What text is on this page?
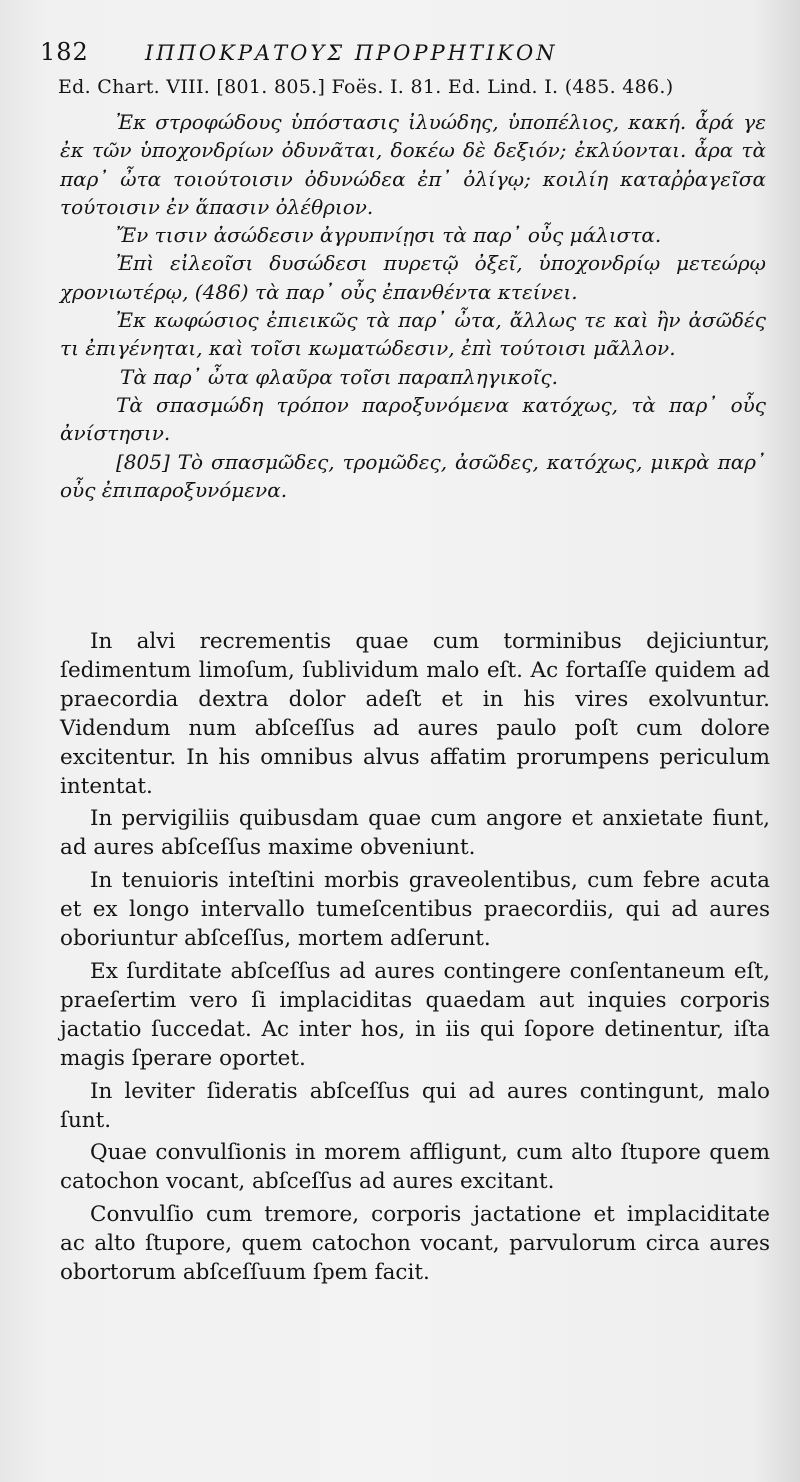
182	ΙΠΠΟΚΡΑΤΟΥΣ ΠΡΟΡΡΗΤΙΚΟΝ
Ed. Chart. VIII. [801. 805.] Foës. I. 81. Ed. Lind. I. (485. 486.)

Ἐκ στροφώδους ὑπόστασις ἰλυώδης, ὑποπέλιος, κακή. ἆρά γε ἐκ τῶν ὑποχονδρίων ὀδυνᾶται, δοκέω δὲ δεξιόν; ἐκλύονται. ἆρα τὰ παρ᾽ ὦτα τοιούτοισιν ὀδυνώδεα ἐπ᾽ ὀλίγῳ; κοιλίη καταῤῥαγεῖσα τούτοισιν ἐν ἅπασιν ὀλέθριον.

Ἔν τισιν ἀσώδεσιν ἀγρυπνίῃσι τὰ παρ᾽ οὖς μάλιστα.

Ἐπὶ εἰλεοῖσι δυσώδεσι πυρετῷ ὀξεῖ, ὑποχονδρίῳ μετεώρῳ χρονιωτέρῳ, (486) τὰ παρ᾽ οὖς ἐπανθέντα κτείνει.

Ἐκ κωφώσιος ἐπιεικῶς τὰ παρ᾽ ὦτα, ἄλλως τε καὶ ἢν ἀσῶδές τι ἐπιγένηται, καὶ τοῖσι κωματώδεσιν, ἐπὶ τούτοισι μᾶλλον.

Τὰ παρ᾽ ὦτα φλαῦρα τοῖσι παραπληγικοῖς.

Τὰ σπασμώδη τρόπον παροξυνόμενα κατόχως, τὰ παρ᾽ οὖς ἀνίστησιν.

[805] Τὸ σπασμῶδες, τρομῶδες, ἀσῶδες, κατόχως, μικρὰ παρ᾽ οὖς ἐπιπαροξυνόμενα.

In alvi recrementis quae cum torminibus dejiciuntur, ſedimentum limoſum, ſublividum malo eſt. Ac fortaſſe quidem ad praecordia dextra dolor adeſt et in his vires exolvuntur. Videndum num abſceſſus ad aures paulo poſt cum dolore excitentur. In his omnibus alvus affatim prorumpens periculum intentat.

In pervigiliis quibusdam quae cum angore et anxietate fiunt, ad aures abſceſſus maxime obveniunt.

In tenuioris inteſtini morbis graveolentibus, cum febre acuta et ex longo intervallo tumeſcentibus praecordiis, qui ad aures oboriuntur abſceſſus, mortem adſerunt.

Ex ſurditate abſceſſus ad aures contingere conſentaneum eſt, praeſertim vero ſi implaciditas quaedam aut inquies corporis jactatio ſuccedat. Ac inter hos, in iis qui ſopore detinentur, iſta magis ſperare oportet.

In leviter ſideratis abſceſſus qui ad aures contingunt, malo ſunt.

Quae convulſionis in morem affligunt, cum alto ſtupore quem catochon vocant, abſceſſus ad aures excitant.

Convulſio cum tremore, corporis jactatione et implaciditate ac alto ſtupore, quem catochon vocant, parvulorum circa aures obortorum abſceſſuum ſpem facit.
